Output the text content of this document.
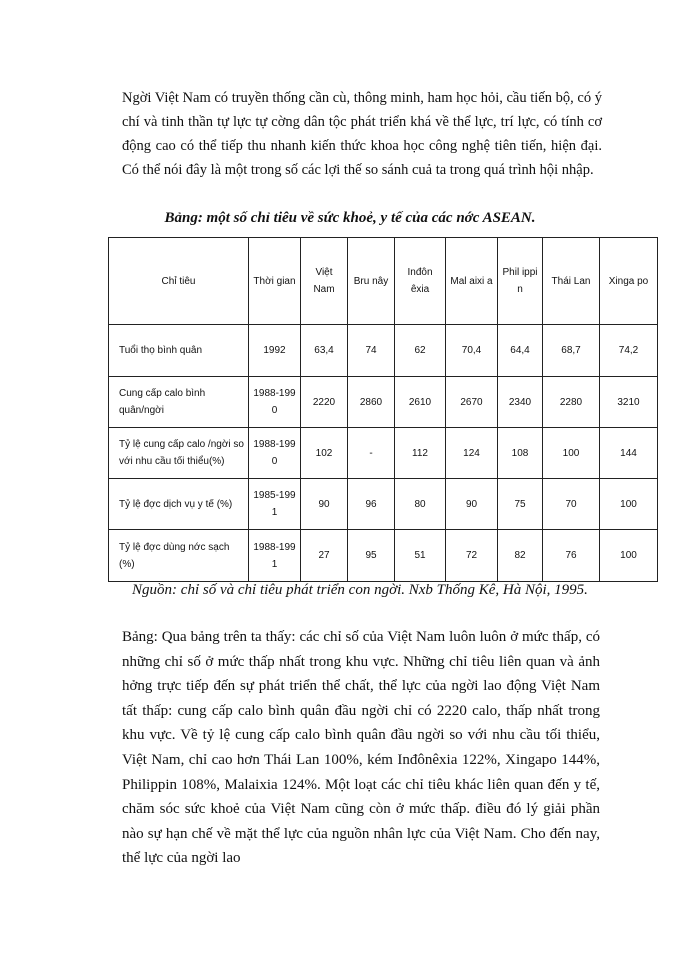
Ngời Việt Nam có truyền thống cần cù, thông minh, ham học hỏi, cầu tiến bộ, có ý chí và tinh thần tự lực tự cờng dân tộc phát triển khá về thể lực, trí lực, có tính cơ động cao có thể tiếp thu nhanh kiến thức khoa học công nghệ tiên tiến, hiện đại. Có thể nói đây là một trong số các lợi thế so sánh cuả ta trong quá trình hội nhập.

Bảng: một số chỉ tiêu về sức khoẻ, y tế của các nớc ASEAN.

Chỉ tiêu	Thời gian	Việt Nam	Bru nây	Inđôn êxia	Mal aixi a	Phil ippi n	Thái Lan	Xinga po
Tuổi thọ bình quân	1992	63,4	74	62	70,4	64,4	68,7	74,2
Cung cấp calo bình quân/ngời	1988-1990	2220	2860	2610	2670	2340	2280	3210
Tỷ lệ cung cấp calo /ngời so với nhu cầu tối thiểu(%)	1988-1990	102	-	112	124	108	100	144
Tỷ lệ đợc dịch vụ y tế (%)	1985-1991	90	96	80	90	75	70	100
Tỷ lệ đợc dùng nớc sạch (%)	1988-1991	27	95	51	72	82	76	100

Nguồn: chỉ số và chỉ tiêu phát triển con ngời. Nxb Thống Kê, Hà Nội, 1995.

Bảng: Qua bảng trên ta thấy: các chỉ số của Việt Nam luôn luôn ở mức thấp, có những chỉ số ở mức thấp nhất trong khu vực. Những chỉ tiêu liên quan và ảnh hởng trực tiếp đến sự phát triển thể chất, thể lực của ngời lao động Việt Nam tất thấp: cung cấp calo bình quân đầu ngời chỉ có 2220 calo, thấp nhất trong khu vực. Về tỷ lệ cung cấp calo bình quân đầu ngời so với nhu cầu tối thiểu, Việt Nam, chỉ cao hơn Thái Lan 100%, kém Inđônêxia 122%, Xingapo 144%, Philippin 108%, Malaixia 124%. Một loạt các chỉ tiêu khác liên quan đến y tế, chăm sóc sức khoẻ của Việt Nam cũng còn ở mức thấp. điều đó lý giải phần nào sự hạn chế về mặt thể lực của nguồn nhân lực của Việt Nam. Cho đến nay, thể lực của ngời lao
